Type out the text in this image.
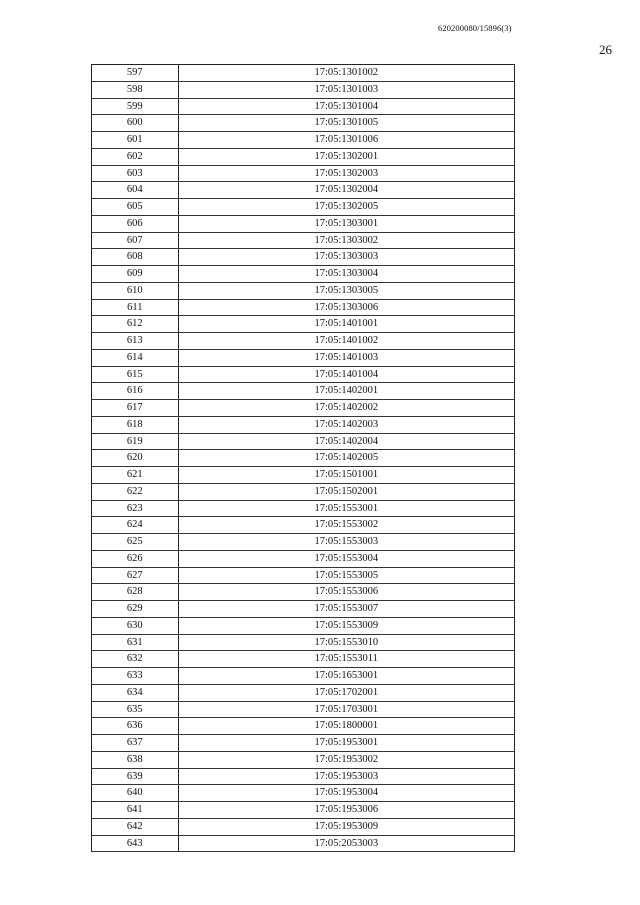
620200080/15896(3)
26
597	17:05:1301002
598	17:05:1301003
599	17:05:1301004
600	17:05:1301005
601	17:05:1301006
602	17:05:1302001
603	17:05:1302003
604	17:05:1302004
605	17:05:1302005
606	17:05:1303001
607	17:05:1303002
608	17:05:1303003
609	17:05:1303004
610	17:05:1303005
611	17:05:1303006
612	17:05:1401001
613	17:05:1401002
614	17:05:1401003
615	17:05:1401004
616	17:05:1402001
617	17:05:1402002
618	17:05:1402003
619	17:05:1402004
620	17:05:1402005
621	17:05:1501001
622	17:05:1502001
623	17:05:1553001
624	17:05:1553002
625	17:05:1553003
626	17:05:1553004
627	17:05:1553005
628	17:05:1553006
629	17:05:1553007
630	17:05:1553009
631	17:05:1553010
632	17:05:1553011
633	17:05:1653001
634	17:05:1702001
635	17:05:1703001
636	17:05:1800001
637	17:05:1953001
638	17:05:1953002
639	17:05:1953003
640	17:05:1953004
641	17:05:1953006
642	17:05:1953009
643	17:05:2053003
